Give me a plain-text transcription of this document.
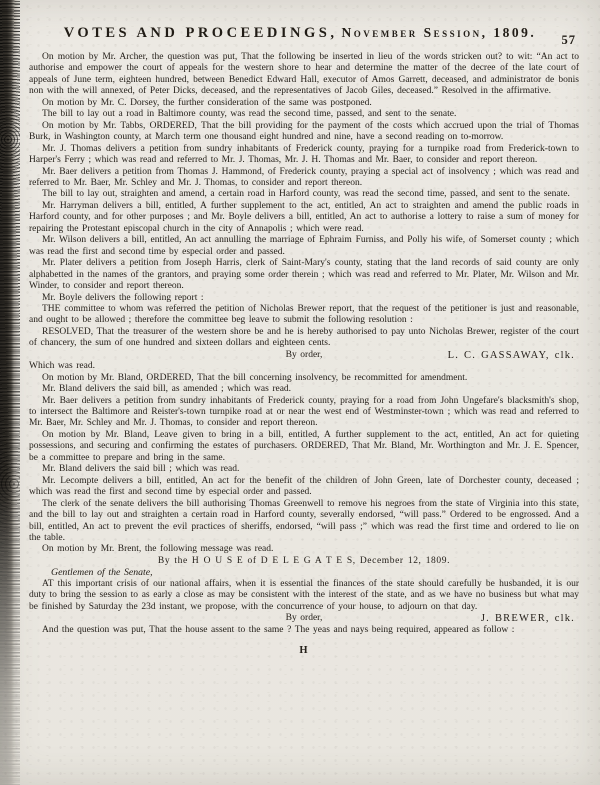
VOTES AND PROCEEDINGS, November Session, 1809.	57

On motion by Mr. Archer, the question was put, That the following be inserted in lieu of the words stricken out? to wit: “An act to authorise and empower the court of appeals for the western shore to hear and determine the matter of the decree of the late court of appeals of June term, eighteen hundred, between Benedict Edward Hall, executor of Amos Garrett, deceased, and administrator de bonis non with the will annexed, of Peter Dicks, deceased, and the representatives of Jacob Giles, deceased.” Resolved in the affirmative.

On motion by Mr. C. Dorsey, the further consideration of the same was postponed.

The bill to lay out a road in Baltimore county, was read the second time, passed, and sent to the senate.

On motion by Mr. Tabbs, ORDERED, That the bill providing for the payment of the costs which accrued upon the trial of Thomas Burk, in Washington county, at March term one thousand eight hundred and nine, have a second reading on to-morrow.

Mr. J. Thomas delivers a petition from sundry inhabitants of Frederick county, praying for a turnpike road from Frederick-town to Harper's Ferry ; which was read and referred to Mr. J. Thomas, Mr. J. H. Thomas and Mr. Baer, to consider and report thereon.

Mr. Baer delivers a petition from Thomas J. Hammond, of Frederick county, praying a special act of insolvency ; which was read and referred to Mr. Baer, Mr. Schley and Mr. J. Thomas, to consider and report thereon.

The bill to lay out, straighten and amend, a certain road in Harford county, was read the second time, passed, and sent to the senate.

Mr. Harryman delivers a bill, entitled, A further supplement to the act, entitled, An act to straighten and amend the public roads in Harford county, and for other purposes ; and Mr. Boyle delivers a bill, entitled, An act to authorise a lottery to raise a sum of money for repairing the Protestant episcopal church in the city of Annapolis ; which were read.

Mr. Wilson delivers a bill, entitled, An act annulling the marriage of Ephraim Furniss, and Polly his wife, of Somerset county ; which was read the first and second time by especial order and passed.

Mr. Plater delivers a petition from Joseph Harris, clerk of Saint-Mary's county, stating that the land records of said county are only alphabetted in the names of the grantors, and praying some order therein ; which was read and referred to Mr. Plater, Mr. Wilson and Mr. Winder, to consider and report thereon.

Mr. Boyle delivers the following report :

THE committee to whom was referred the petition of Nicholas Brewer report, that the request of the petitioner is just and reasonable, and ought to be allowed ; therefore the committee beg leave to submit the following resolution :

RESOLVED, That the treasurer of the western shore be and he is hereby authorised to pay unto Nicholas Brewer, register of the court of chancery, the sum of one hundred and sixteen dollars and eighteen cents.

By order,	L. C. GASSAWAY, clk.

Which was read.

On motion by Mr. Bland, ORDERED, That the bill concerning insolvency, be recommitted for amendment.

Mr. Bland delivers the said bill, as amended ; which was read.

Mr. Baer delivers a petition from sundry inhabitants of Frederick county, praying for a road from John Ungefare's blacksmith's shop, to intersect the Baltimore and Reister's-town turnpike road at or near the west end of Westminster-town ; which was read and referred to Mr. Baer, Mr. Schley and Mr. J. Thomas, to consider and report thereon.

On motion by Mr. Bland, Leave given to bring in a bill, entitled, A further supplement to the act, entitled, An act for quieting possessions, and securing and confirming the estates of purchasers. ORDERED, That Mr. Bland, Mr. Worthington and Mr. J. E. Spencer, be a committee to prepare and bring in the same.

Mr. Bland delivers the said bill ; which was read.

Mr. Lecompte delivers a bill, entitled, An act for the benefit of the children of John Green, late of Dorchester county, deceased ; which was read the first and second time by especial order and passed.

The clerk of the senate delivers the bill authorising Thomas Greenwell to remove his negroes from the state of Virginia into this state, and the bill to lay out and straighten a certain road in Harford county, severally endorsed, “will pass.” Ordered to be engrossed. And a bill, entitled, An act to prevent the evil practices of sheriffs, endorsed, “will pass ;” which was read the first time and ordered to lie on the table.

On motion by Mr. Brent, the following message was read.

By the H O U S E of D E L E G A T E S, December 12, 1809.

Gentlemen of the Senate,

AT this important crisis of our national affairs, when it is essential the finances of the state should carefully be husbanded, it is our duty to bring the session to as early a close as may be consistent with the interest of the state, and as we have no business but what may be finished by Saturday the 23d instant, we propose, with the concurrence of your house, to adjourn on that day.

By order,	J. BREWER, clk.

And the question was put, That the house assent to the same ? The yeas and nays being required, appeared as follow :

H
